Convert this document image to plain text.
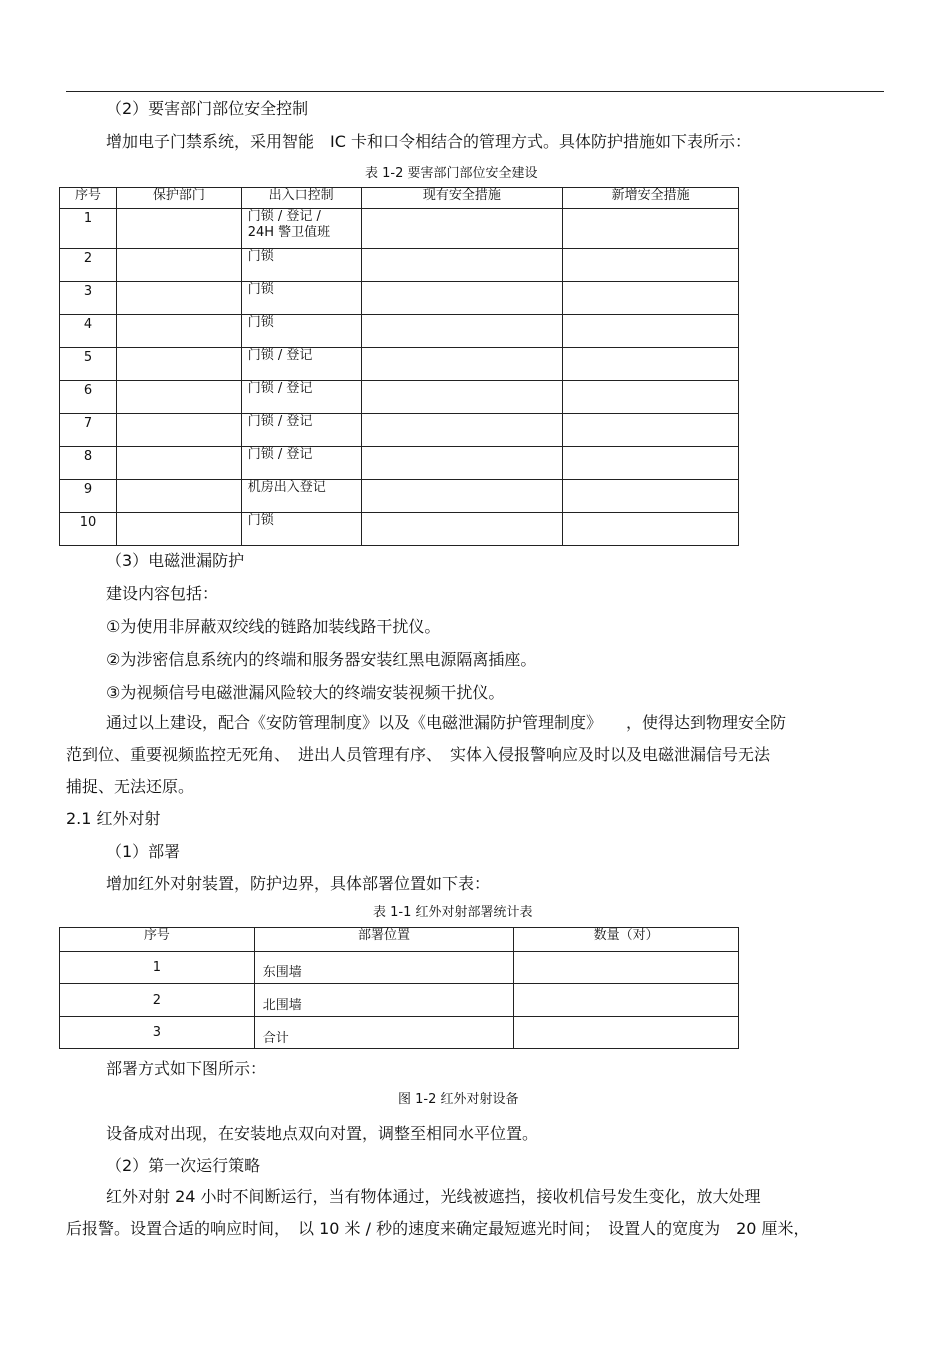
（2）要害部门部位安全控制
增加电子门禁系统，采用智能　IC 卡和口令相结合的管理方式。具体防护措施如下表所示：
表 1-2 要害部门部位安全建设
序号	保护部门	出入口控制	现有安全措施	新增安全措施
1		门锁 / 登记 /
24H 警卫值班		

2		门锁		
3		门锁		
4		门锁		
5		门锁 / 登记		
6		门锁 / 登记		
7		门锁 / 登记		
8		门锁 / 登记		
9		机房出入登记		
10		门锁		
（3）电磁泄漏防护
建设内容包括：
①为使用非屏蔽双绞线的链路加装线路干扰仪。
②为涉密信息系统内的终端和服务器安装红黑电源隔离插座。
③为视频信号电磁泄漏风险较大的终端安装视频干扰仪。
通过以上建设，配合《安防管理制度》以及《电磁泄漏防护管理制度》　　，使得达到物理安全防
范到位、重要视频监控无死角、　进出人员管理有序、　实体入侵报警响应及时以及电磁泄漏信号无法
捕捉、无法还原。
2.1 红外对射
（1）部署
增加红外对射装置，防护边界，具体部署位置如下表：
表 1-1 红外对射部署统计表
序号	部署位置	数量（对）
1	东围墙	
2	北围墙	
3	合计	
部署方式如下图所示：
图 1-2 红外对射设备
设备成对出现，在安装地点双向对置，调整至相同水平位置。
（2）第一次运行策略
红外对射 24 小时不间断运行，当有物体通过，光线被遮挡，接收机信号发生变化，放大处理
后报警。设置合适的响应时间，　以 10 米 / 秒的速度来确定最短遮光时间；　设置人的宽度为　20 厘米，
